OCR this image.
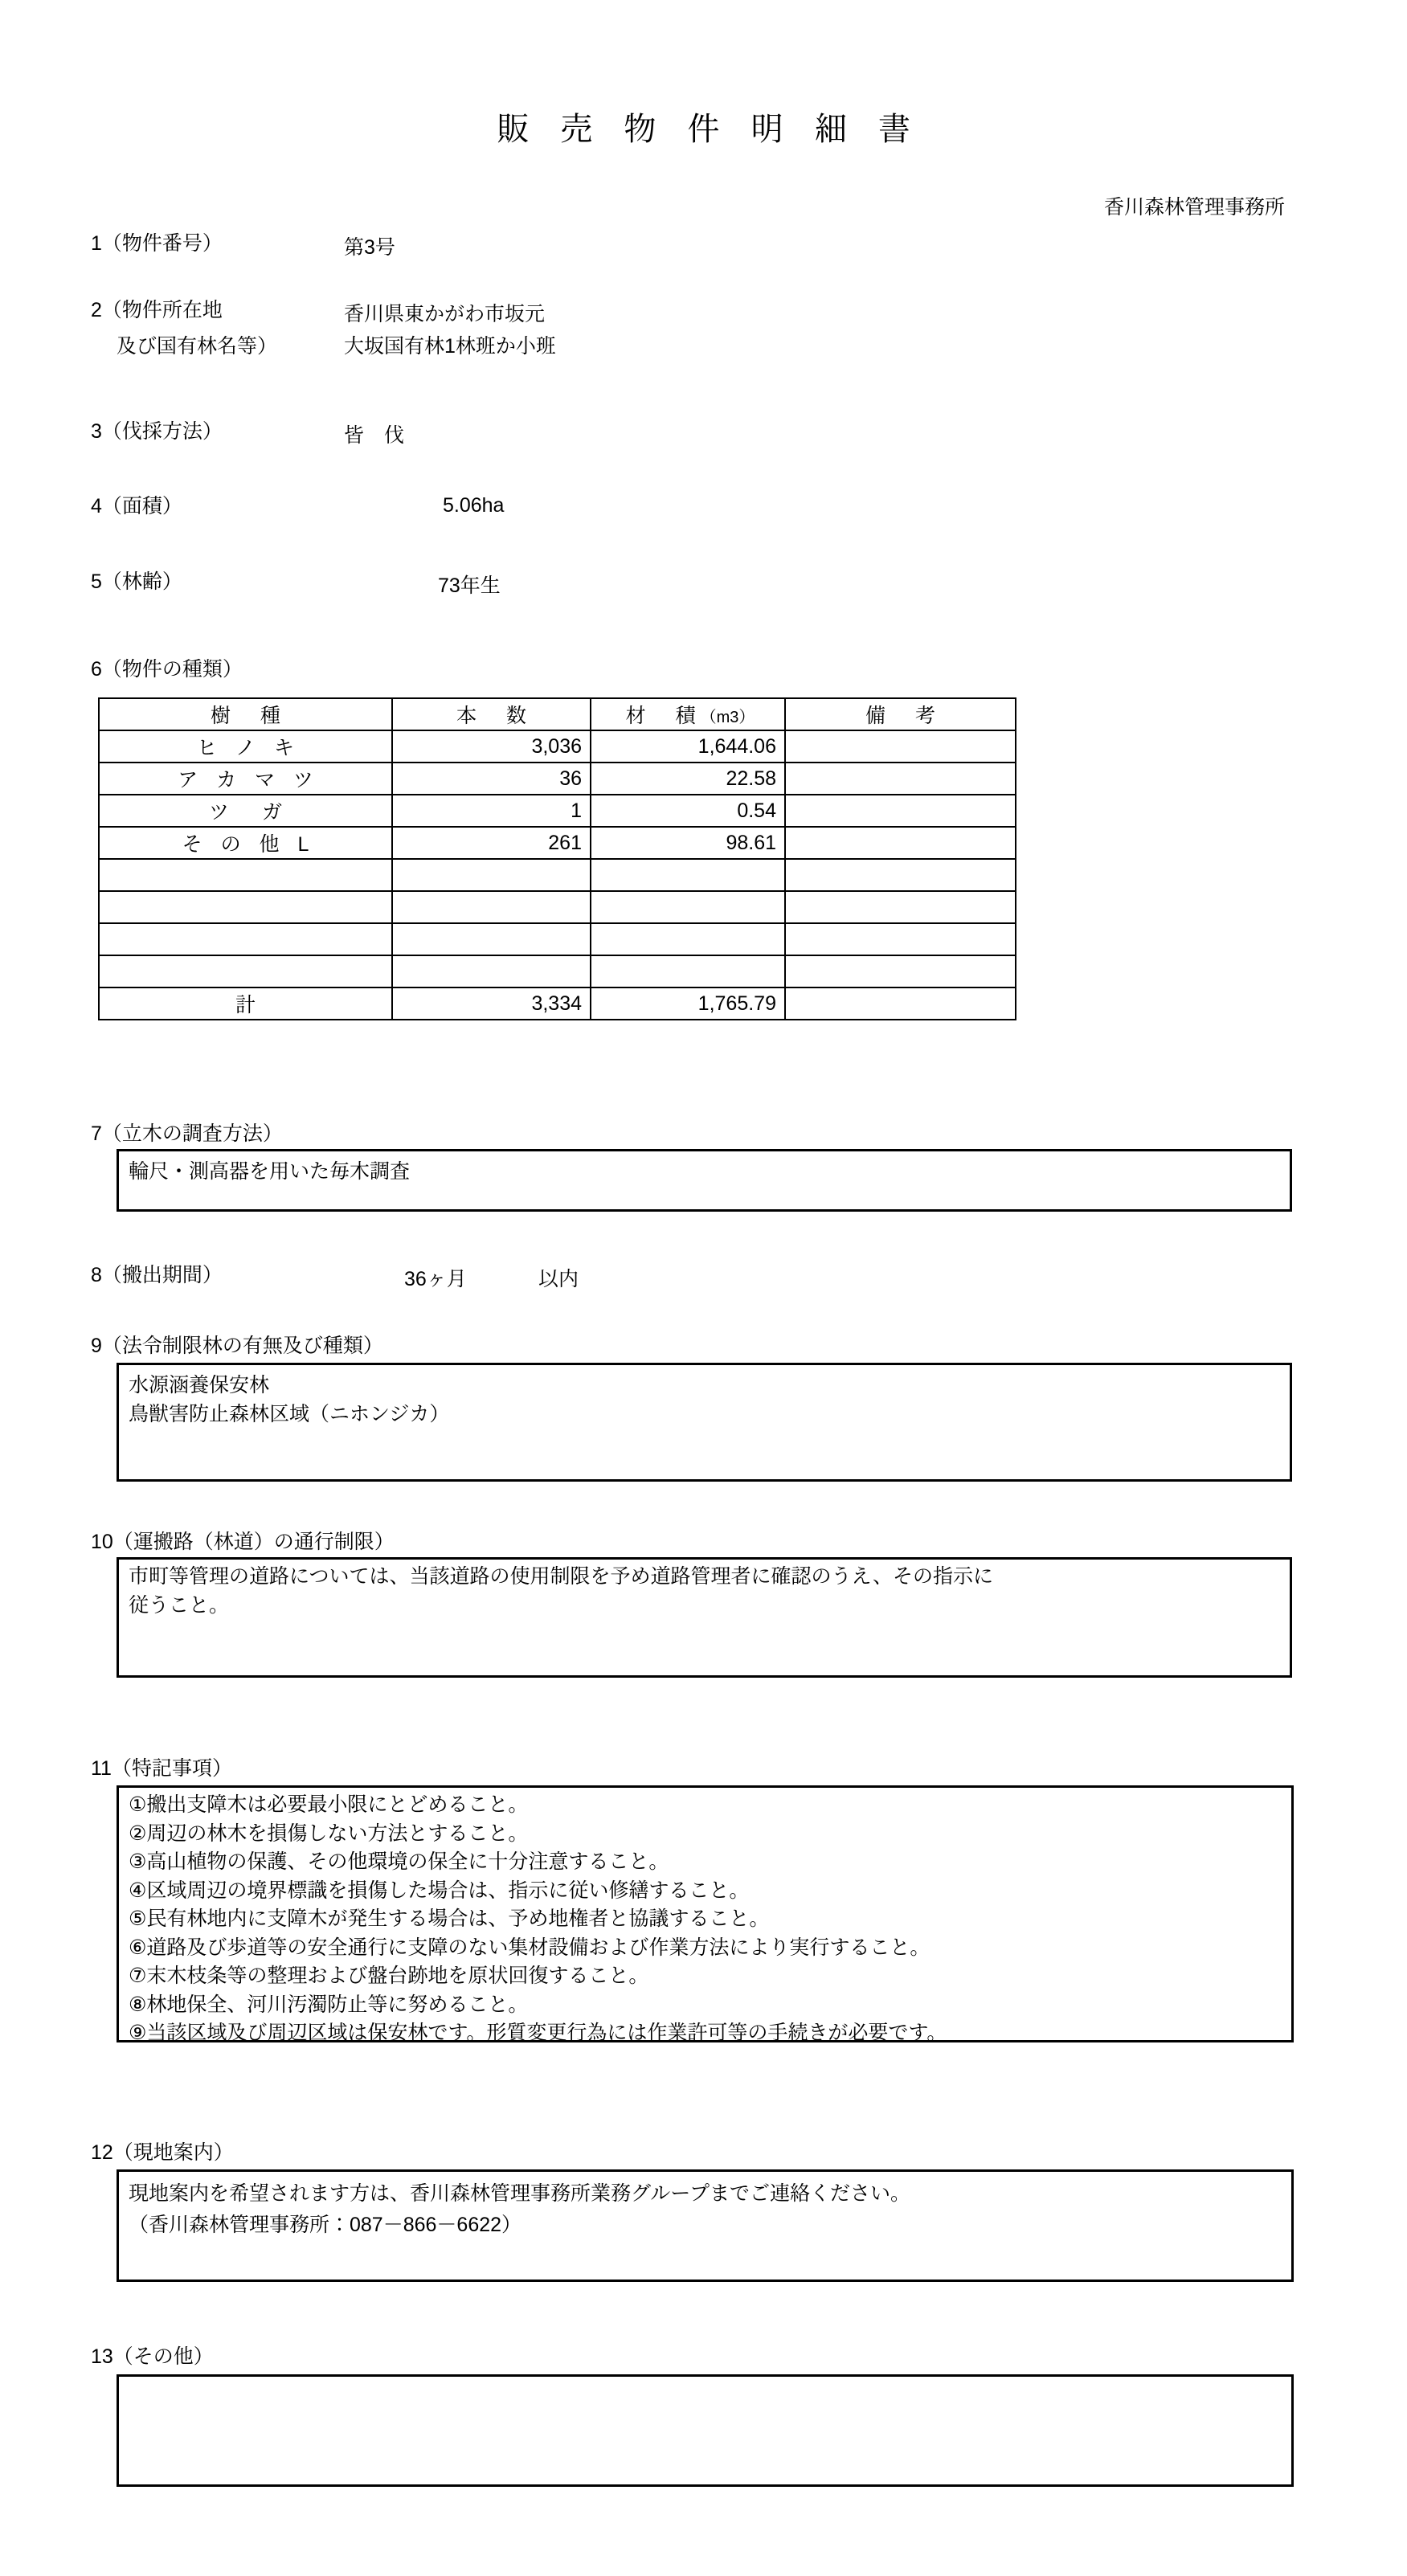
販 売 物 件 明 細 書
香川森林管理事務所
1（物件番号）	第3号
2（物件所在地
及び国有林名等）
香川県東かがわ市坂元
大坂国有林1林班か小班
3（伐採方法）	皆　伐
4（面積）	5.06ha
5（林齢）	73年生
6（物件の種類）
樹　種	本　数	材　積（m3）	備　考
ヒ ノ キ	3,036	1,644.06	
ア カ マ ツ	36	22.58	
ツ　ガ	1	0.54	
そ の 他 L	261	98.61	

計	3,334	1,765.79	
7（立木の調査方法）

輪尺・測高器を用いた毎木調査

8（搬出期間）	36ヶ月	以内
9（法令制限林の有無及び種類）

水源涵養保安林

鳥獣害防止森林区域（ニホンジカ）

10（運搬路（林道）の通行制限）

市町等管理の道路については、当該道路の使用制限を予め道路管理者に確認のうえ、その指示に

従うこと。

11（特記事項）

①搬出支障木は必要最小限にとどめること。

②周辺の林木を損傷しない方法とすること。

③高山植物の保護、その他環境の保全に十分注意すること。

④区域周辺の境界標識を損傷した場合は、指示に従い修繕すること。

⑤民有林地内に支障木が発生する場合は、予め地権者と協議すること。

⑥道路及び歩道等の安全通行に支障のない集材設備および作業方法により実行すること。

⑦末木枝条等の整理および盤台跡地を原状回復すること。

⑧林地保全、河川汚濁防止等に努めること。

⑨当該区域及び周辺区域は保安林です。形質変更行為には作業許可等の手続きが必要です。

12（現地案内）

現地案内を希望されます方は、香川森林管理事務所業務グループまでご連絡ください。

（香川森林管理事務所：087－866－6622）

13（その他）
